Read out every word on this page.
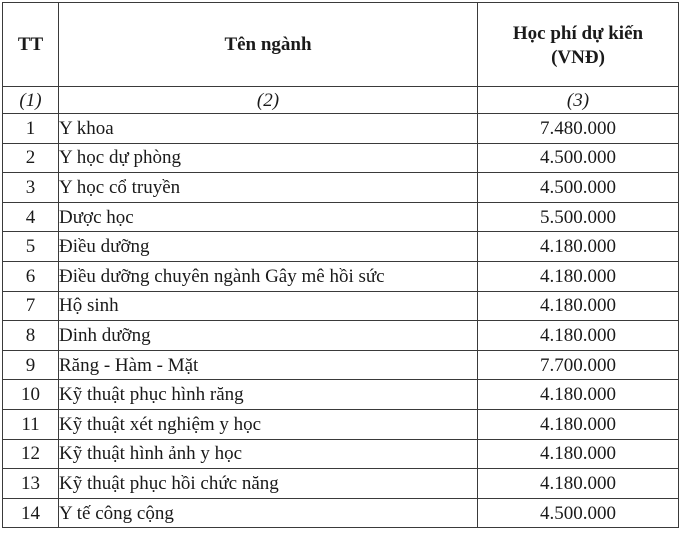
TT	Tên ngành	Học phí dự kiến
(VNĐ)

(1)	(2)	(3)
1	Y khoa	7.480.000
2	Y học dự phòng	4.500.000
3	Y học cổ truyền	4.500.000
4	Dược học	5.500.000
5	Điều dưỡng	4.180.000
6	Điều dưỡng chuyên ngành Gây mê hồi sức	4.180.000
7	Hộ sinh	4.180.000
8	Dinh dưỡng	4.180.000
9	Răng - Hàm - Mặt	7.700.000
10	Kỹ thuật phục hình răng	4.180.000
11	Kỹ thuật xét nghiệm y học	4.180.000
12	Kỹ thuật hình ảnh y học	4.180.000
13	Kỹ thuật phục hồi chức năng	4.180.000
14	Y tế công cộng	4.500.000
